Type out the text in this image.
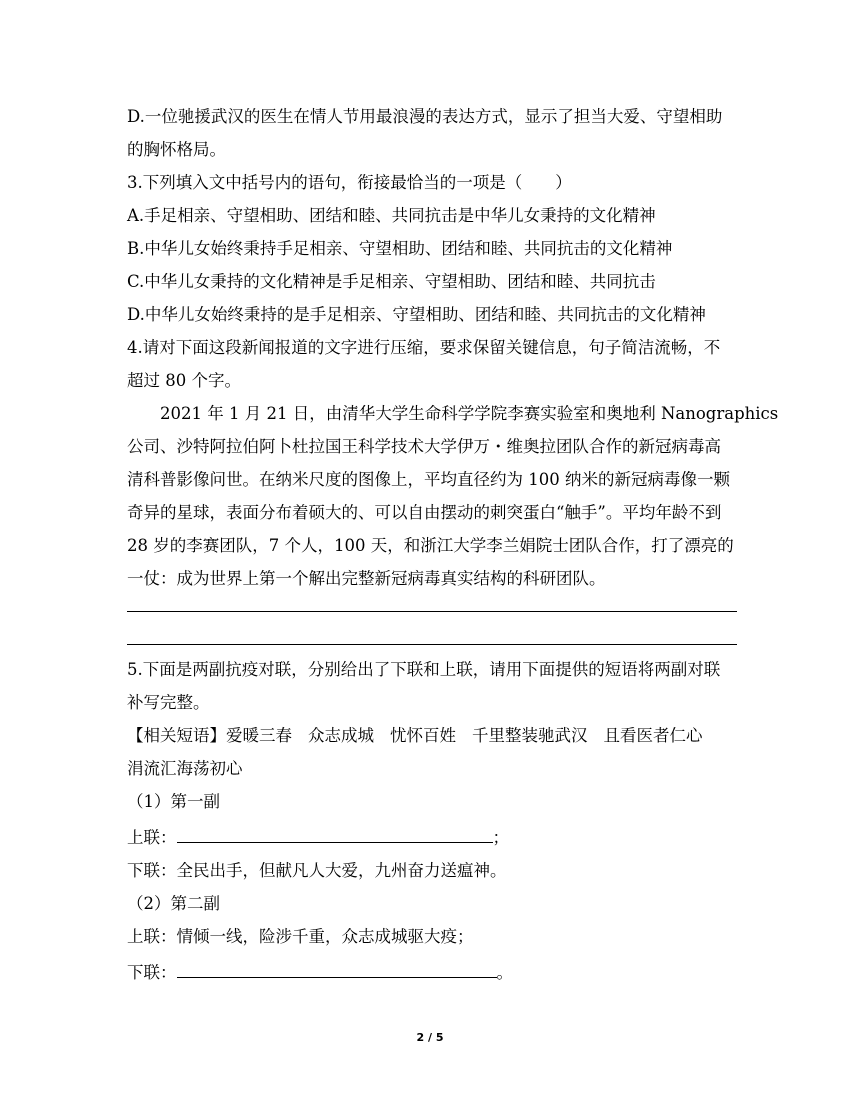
D.一位驰援武汉的医生在情人节用最浪漫的表达方式，显示了担当大爱、守望相助
的胸怀格局。
3.下列填入文中括号内的语句，衔接最恰当的一项是（　　）
A.手足相亲、守望相助、团结和睦、共同抗击是中华儿女秉持的文化精神
B.中华儿女始终秉持手足相亲、守望相助、团结和睦、共同抗击的文化精神
C.中华儿女秉持的文化精神是手足相亲、守望相助、团结和睦、共同抗击
D.中华儿女始终秉持的是手足相亲、守望相助、团结和睦、共同抗击的文化精神
4.请对下面这段新闻报道的文字进行压缩，要求保留关键信息，句子简洁流畅，不
超过 80 个字。
2021 年 1 月 21 日，由清华大学生命科学学院李赛实验室和奥地利 Nanographics
公司、沙特阿拉伯阿卜杜拉国王科学技术大学伊万・维奥拉团队合作的新冠病毒高
清科普影像问世。在纳米尺度的图像上，平均直径约为 100 纳米的新冠病毒像一颗
奇异的星球，表面分布着硕大的、可以自由摆动的刺突蛋白“触手”。平均年龄不到
28 岁的李赛团队，7 个人，100 天，和浙江大学李兰娟院士团队合作，打了漂亮的
一仗：成为世界上第一个解出完整新冠病毒真实结构的科研团队。
5.下面是两副抗疫对联，分别给出了下联和上联，请用下面提供的短语将两副对联
补写完整。
【相关短语】爱暖三春 众志成城 忧怀百姓 千里整装驰武汉 且看医者仁心
涓流汇海荡初心
（1）第一副
上联：	；
下联：全民出手，但献凡人大爱，九州奋力送瘟神。
（2）第二副
上联：情倾一线，险涉千重，众志成城驱大疫；
下联：	。
2 / 5
